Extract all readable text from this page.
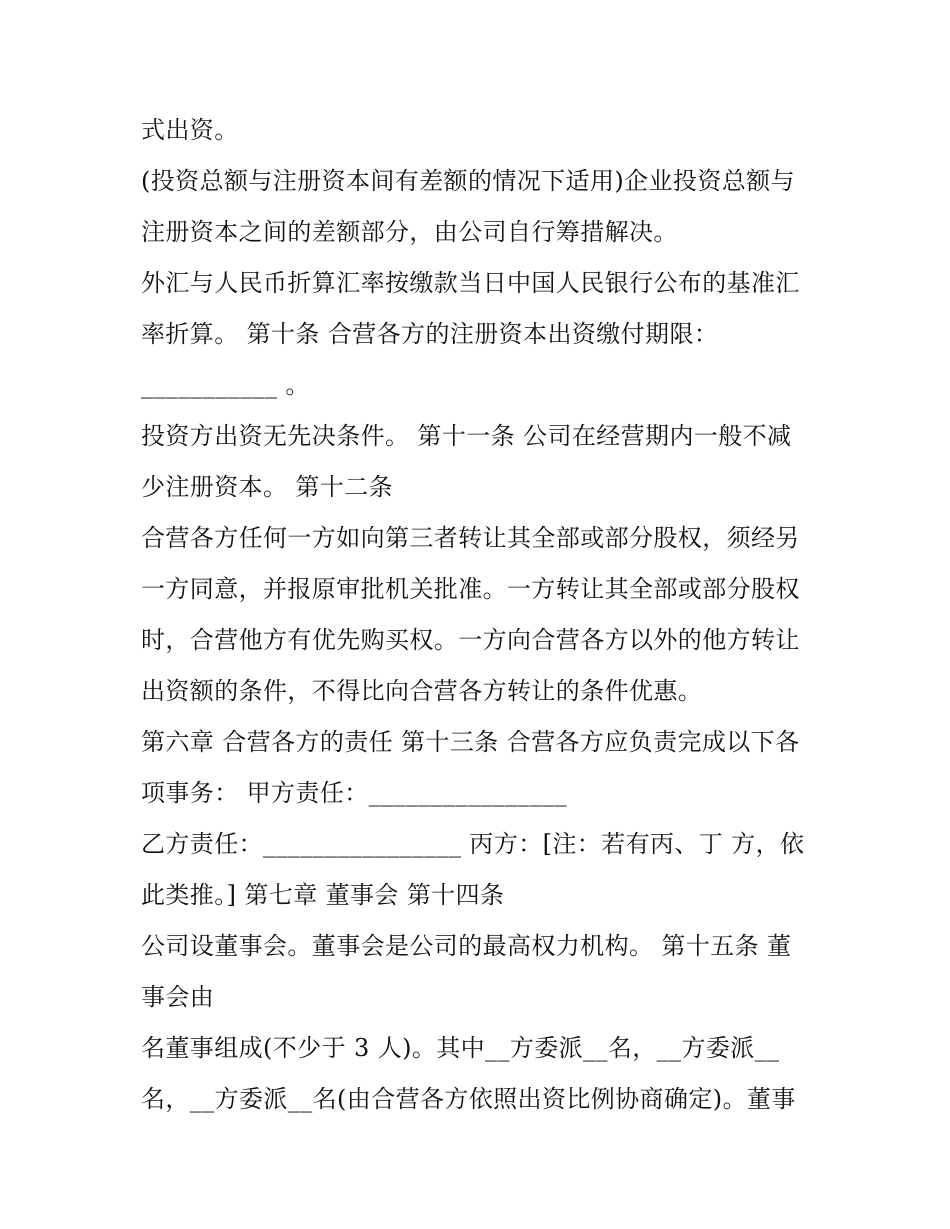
式出资。
(投资总额与注册资本间有差额的情况下适用)企业投资总额与
注册资本之间的差额部分，由公司自行筹措解决。
外汇与人民币折算汇率按缴款当日中国人民银行公布的基准汇
率折算。 第十条 合营各方的注册资本出资缴付期限：
___________ 。
投资方出资无先决条件。 第十一条 公司在经营期内一般不减
少注册资本。 第十二条
合营各方任何一方如向第三者转让其全部或部分股权，须经另
一方同意，并报原审批机关批准。一方转让其全部或部分股权
时，合营他方有优先购买权。一方向合营各方以外的他方转让
出资额的条件，不得比向合营各方转让的条件优惠。
第六章 合营各方的责任 第十三条 合营各方应负责完成以下各
项事务： 甲方责任：________________
乙方责任：________________ 丙方：[注：若有丙、丁 方，依
此类推。] 第七章 董事会 第十四条
公司设董事会。董事会是公司的最高权力机构。 第十五条 董
事会由
名董事组成(不少于 3 人)。其中__方委派__名，__方委派__
名，__方委派__名(由合营各方依照出资比例协商确定)。董事
